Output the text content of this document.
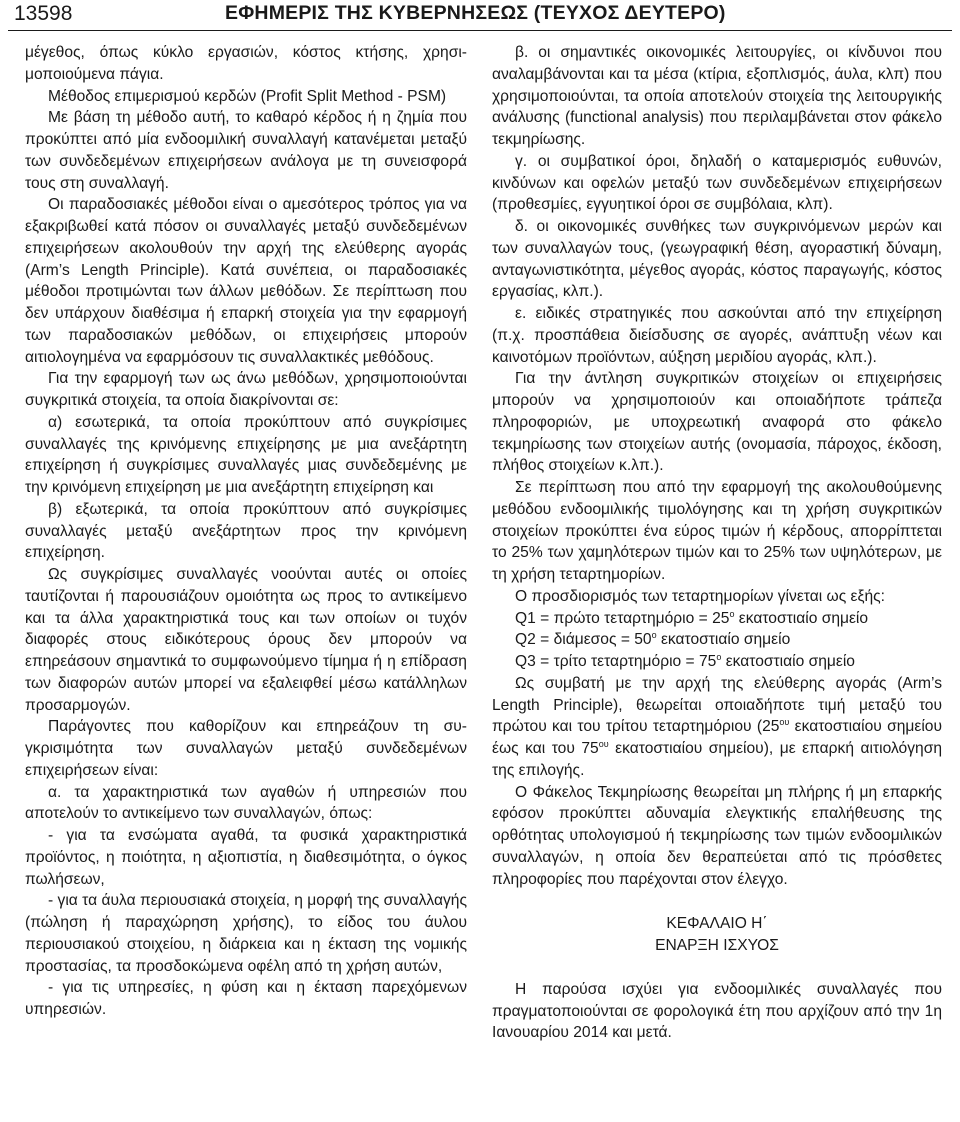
13598	ΕΦΗΜΕΡΙΣ ΤΗΣ ΚΥΒΕΡΝΗΣΕΩΣ (ΤΕΥΧΟΣ ΔΕΥΤΕΡΟ)

μέγεθος, όπως κύκλο εργασιών, κόστος κτήσης, χρησιμοποιούμενα πάγια.

Μέθοδος επιμερισμού κερδών (Profit Split Method ‑ PSM)

Με βάση τη μέθοδο αυτή, το καθαρό κέρδος ή η ζημία που προκύπτει από μία ενδοομιλική συναλλαγή κατανέμεται μεταξύ των συνδεδεμένων επιχειρήσεων ανάλογα με τη συνεισφορά τους στη συναλλαγή.

Οι παραδοσιακές μέθοδοι είναι ο αμεσότερος τρόπος για να εξακριβωθεί κατά πόσον οι συναλλαγές μεταξύ συνδεδεμένων επιχειρήσεων ακολουθούν την αρχή της ελεύθερης αγοράς (Arm’s Length Principle). Κατά συνέπεια, οι παραδοσιακές μέθοδοι προτιμώνται των άλλων μεθόδων. Σε περίπτωση που δεν υπάρχουν διαθέσιμα ή επαρκή στοιχεία για την εφαρμογή των παραδοσιακών μεθόδων, οι επιχειρήσεις μπορούν αιτιολογημένα να εφαρμόσουν τις συναλλακτικές μεθόδους.

Για την εφαρμογή των ως άνω μεθόδων, χρησιμοποιούνται συγκριτικά στοιχεία, τα οποία διακρίνονται σε:

α) εσωτερικά, τα οποία προκύπτουν από συγκρίσιμες συναλλαγές της κρινόμενης επιχείρησης με μια ανεξάρτητη επιχείρηση ή συγκρίσιμες συναλλαγές μιας συνδεδεμένης με την κρινόμενη επιχείρηση με μια ανεξάρτητη επιχείρηση και

β) εξωτερικά, τα οποία προκύπτουν από συγκρίσιμες συναλλαγές μεταξύ ανεξάρτητων προς την κρινόμενη επιχείρηση.

Ως συγκρίσιμες συναλλαγές νοούνται αυτές οι οποίες ταυτίζονται ή παρουσιάζουν ομοιότητα ως προς το αντικείμενο και τα άλλα χαρακτηριστικά τους και των οποίων οι τυχόν διαφορές στους ειδικότερους όρους δεν μπορούν να επηρεάσουν σημαντικά το συμφωνούμενο τίμημα ή η επίδραση των διαφορών αυτών μπορεί να εξαλειφθεί μέσω κατάλληλων προσαρμογών.

Παράγοντες που καθορίζουν και επηρεάζουν τη συγκρισιμότητα των συναλλαγών μεταξύ συνδεδεμένων επιχειρήσεων είναι:

α. τα χαρακτηριστικά των αγαθών ή υπηρεσιών που αποτελούν το αντικείμενο των συναλλαγών, όπως:

‑ για τα ενσώματα αγαθά, τα φυσικά χαρακτηριστικά προϊόντος, η ποιότητα, η αξιοπιστία, η διαθεσιμότητα, ο όγκος πωλήσεων,

‑ για τα άυλα περιουσιακά στοιχεία, η μορφή της συναλλαγής (πώληση ή παραχώρηση χρήσης), το είδος του άυλου περιουσιακού στοιχείου, η διάρκεια και η έκταση της νομικής προστασίας, τα προσδοκώμενα οφέλη από τη χρήση αυτών,

‑ για τις υπηρεσίες, η φύση και η έκταση παρεχόμενων υπηρεσιών.

β. οι σημαντικές οικονομικές λειτουργίες, οι κίνδυνοι που αναλαμβάνονται και τα μέσα (κτίρια, εξοπλισμός, άυλα, κλπ) που χρησιμοποιούνται, τα οποία αποτελούν στοιχεία της λειτουργικής ανάλυσης (functional analysis) που περιλαμβάνεται στον φάκελο τεκμηρίωσης.

γ. οι συμβατικοί όροι, δηλαδή ο καταμερισμός ευθυνών, κινδύνων και οφελών μεταξύ των συνδεδεμένων επιχειρήσεων (προθεσμίες, εγγυητικοί όροι σε συμβόλαια, κλπ).

δ. οι οικονομικές συνθήκες των συγκρινόμενων μερών και των συναλλαγών τους, (γεωγραφική θέση, αγοραστική δύναμη, ανταγωνιστικότητα, μέγεθος αγοράς, κόστος παραγωγής, κόστος εργασίας, κλπ.).

ε. ειδικές στρατηγικές που ασκούνται από την επιχείρηση (π.χ. προσπάθεια διείσδυσης σε αγορές, ανάπτυξη νέων και καινοτόμων προϊόντων, αύξηση μεριδίου αγοράς, κλπ.).

Για την άντληση συγκριτικών στοιχείων οι επιχειρήσεις μπορούν να χρησιμοποιούν και οποιαδήποτε τράπεζα πληροφοριών, με υποχρεωτική αναφορά στο φάκελο τεκμηρίωσης των στοιχείων αυτής (ονομασία, πάροχος, έκδοση, πλήθος στοιχείων κ.λπ.).

Σε περίπτωση που από την εφαρμογή της ακολουθούμενης μεθόδου ενδοομιλικής τιμολόγησης και τη χρήση συγκριτικών στοιχείων προκύπτει ένα εύρος τιμών ή κέρδους, απορρίπτεται το 25% των χαμηλότερων τιμών και το 25% των υψηλότερων, με τη χρήση τεταρτημορίων.

Ο προσδιορισμός των τεταρτημορίων γίνεται ως εξής:

Q1 = πρώτο $\tau\varepsilon\tau\alpha\rho\tau\eta\mu ό\rho\iota o = 25^o$ εκατοστιαίο σημείο

$Q2 = \delta\iota ά\mu\varepsilon\sigma o\varsigma = 50^o$ εκατοστιαίο σημείο

Q3 = τρίτο $\tau\varepsilon\tau\alpha\rho\tau\eta\mu ό\rho\iota o = 75^o$ εκατοστιαίο σημείο

Ως συμβατή με την αρχή της ελεύθερης αγοράς (Arm’s Length Principle), θεωρείται οποιαδήποτε τιμή μεταξύ του πρώτου και του τρίτου τεταρτημόριου ($25^{o\upsilon}$ εκατοστιαίου σημείου έως και του $75^{o\upsilon}$ εκατοστιαίου σημείου), με επαρκή αιτιολόγηση της επιλογής.

Ο Φάκελος Τεκμηρίωσης θεωρείται μη πλήρης ή μη επαρκής εφόσον προκύπτει αδυναμία ελεγκτικής επαλήθευσης της ορθότητας υπολογισμού ή τεκμηρίωσης των τιμών ενδοομιλικών συναλλαγών, η οποία δεν θεραπεύεται από τις πρόσθετες πληροφορίες που παρέχονται στον έλεγχο.

ΚΕΦΑΛΑΙΟ Η΄

ΕΝΑΡΞΗ ΙΣΧΥΟΣ

Η παρούσα ισχύει για ενδοομιλικές συναλλαγές που πραγματοποιούνται σε φορολογικά έτη που αρχίζουν από την 1η Ιανουαρίου 2014 και μετά.
